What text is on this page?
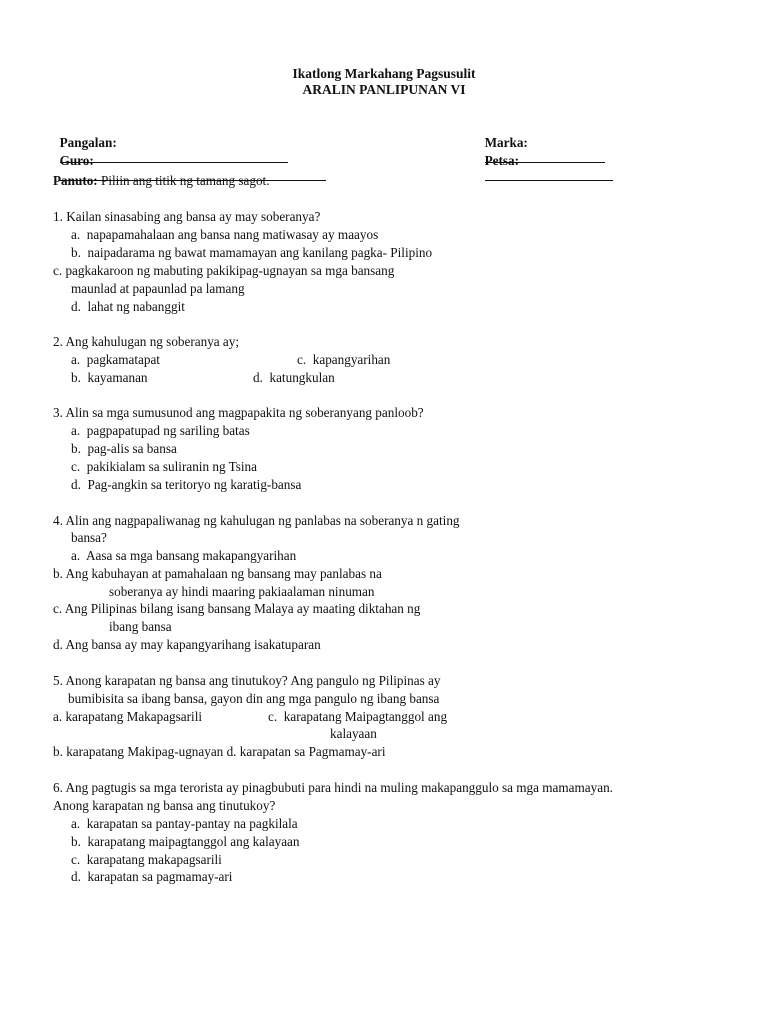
Ikatlong Markahang Pagsusulit
ARALIN PANLIPUNAN VI

Pangalan:
	Marka:

Guro:
	Petsa:

Panuto: Piliin ang titik ng tamang sagot.
1. Kailan sinasabing ang bansa ay may soberanya?
a.  napapamahalaan ang bansa nang matiwasay ay maayos
b.  naipadarama ng bawat mamamayan ang kanilang pagka- Pilipino
c. pagkakaroon ng mabuting pakikipag-ugnayan sa mga bansang
maunlad at papaunlad pa lamang
d.  lahat ng nabanggit
2. Ang kahulugan ng soberanya ay;
a.  pagkamatapat	c.  kapangyarihan
b.  kayamanan	d.  katungkulan
3. Alin sa mga sumusunod ang magpapakita ng soberanyang panloob?
a.  pagpapatupad ng sariling batas
b.  pag-alis sa bansa
c.  pakikialam sa suliranin ng Tsina
d.  Pag-angkin sa teritoryo ng karatig-bansa
4. Alin ang nagpapaliwanag ng kahulugan ng panlabas na soberanya n gating
bansa?
a.  Aasa sa mga bansang makapangyarihan
b. Ang kabuhayan at pamahalaan ng bansang may panlabas na
soberanya ay hindi maaring pakiaalaman ninuman
c. Ang Pilipinas bilang isang bansang Malaya ay maating diktahan ng
ibang bansa
d. Ang bansa ay may kapangyarihang isakatuparan
5. Anong karapatan ng bansa ang tinutukoy? Ang pangulo ng Pilipinas ay
bumibisita sa ibang bansa, gayon din ang mga pangulo ng ibang bansa
a. karapatang Makapagsarili	c.  karapatang Maipagtanggol ang
kalayaan
b. karapatang Makipag-ugnayan d. karapatan sa Pagmamay-ari
6. Ang pagtugis sa mga terorista ay pinagbubuti para hindi na muling makapanggulo sa mga mamamayan.
Anong karapatan ng bansa ang tinutukoy?
a.  karapatan sa pantay-pantay na pagkilala
b.  karapatang maipagtanggol ang kalayaan
c.  karapatang makapagsarili
d.  karapatan sa pagmamay-ari
